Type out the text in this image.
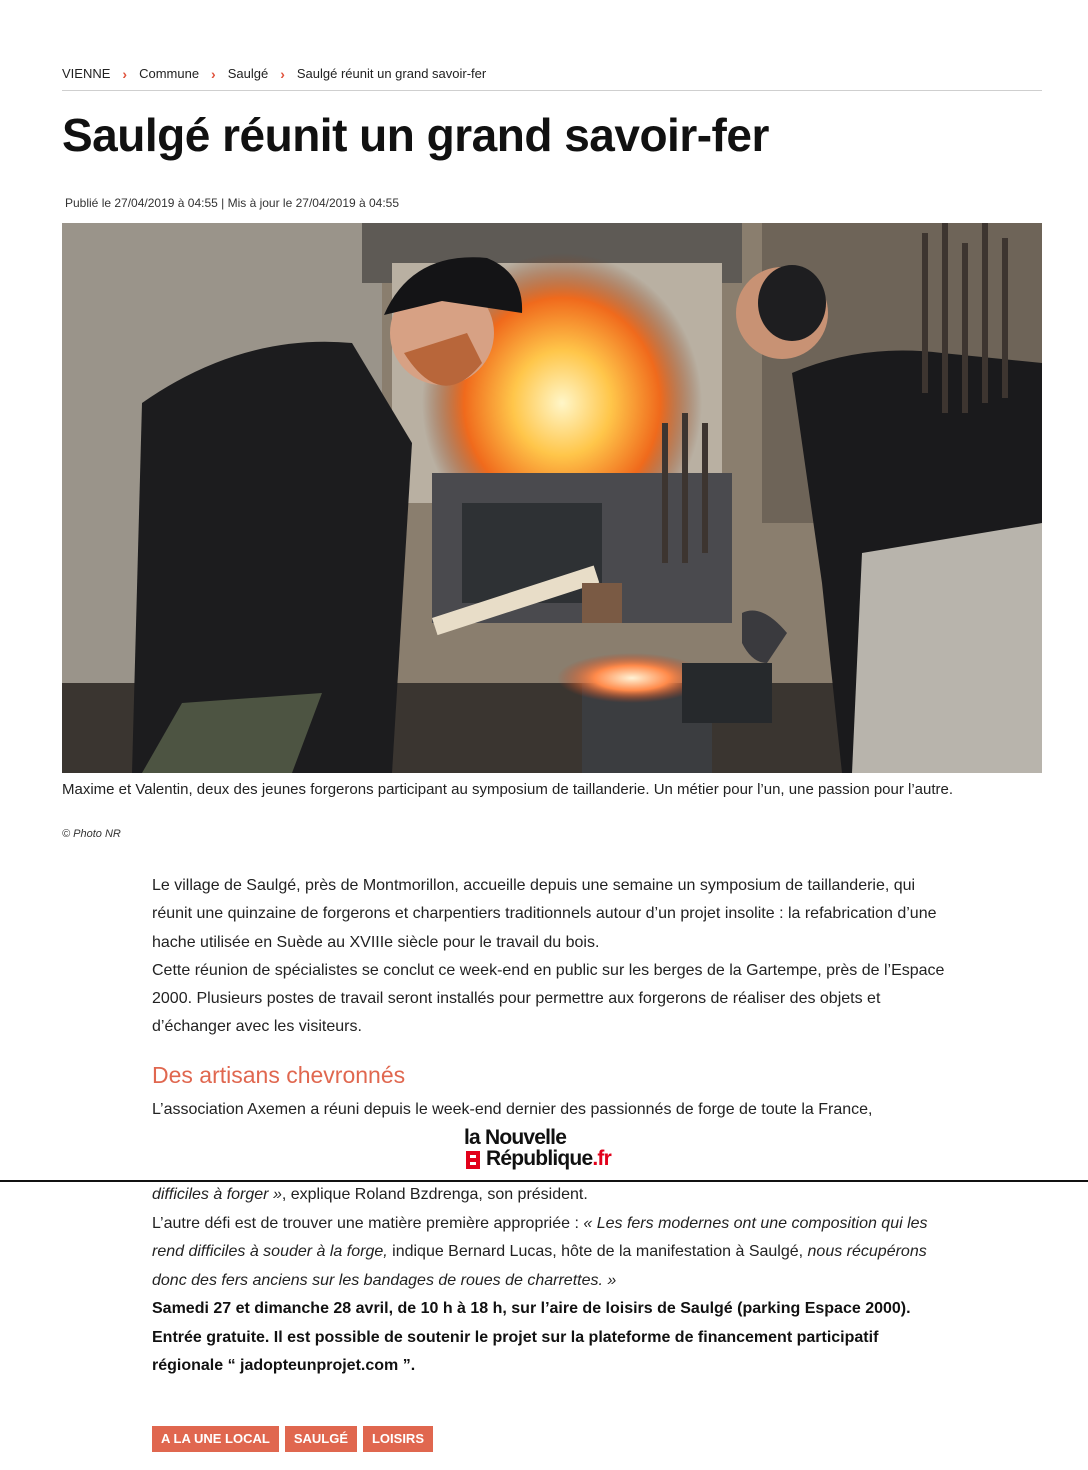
VIENNE › Commune › Saulgé › Saulgé réunit un grand savoir-fer
Saulgé réunit un grand savoir-fer
Publié le 27/04/2019 à 04:55 | Mis à jour le 27/04/2019 à 04:55
Maxime et Valentin, deux des jeunes forgerons participant au symposium de taillanderie. Un métier pour l’un, une passion pour l’autre.
© Photo NR

Le village de Saulgé, près de Montmorillon, accueille depuis une semaine un symposium de taillanderie, qui réunit une quinzaine de forgerons et charpentiers traditionnels autour d’un projet insolite : la refabrication d’une hache utilisée en Suède au XVIIIe siècle pour le travail du bois.

Cette réunion de spécialistes se conclut ce week-end en public sur les berges de la Gartempe, près de l’Espace 2000. Plusieurs postes de travail seront installés pour permettre aux forgerons de réaliser des objets et d’échanger avec les visiteurs.

Des artisans chevronnés
L’association Axemen a réuni depuis le week-end dernier des passionnés de forge de toute la France,
la Nouvelle
République.fr

difficiles à forger », explique Roland Bzdrenga, son président.

L’autre défi est de trouver une matière première appropriée : « Les fers modernes ont une composition qui les rend difficiles à souder à la forge, indique Bernard Lucas, hôte de la manifestation à Saulgé, nous récupérons donc des fers anciens sur les bandages de roues de charrettes. »

Samedi 27 et dimanche 28 avril, de 10 h à 18 h, sur l’aire de loisirs de Saulgé (parking Espace 2000). Entrée gratuite. Il est possible de soutenir le projet sur la plateforme de financement participatif régionale “ jadopteunprojet.com ”.

A LA UNE LOCAL	SAULGÉ	LOISIRS
